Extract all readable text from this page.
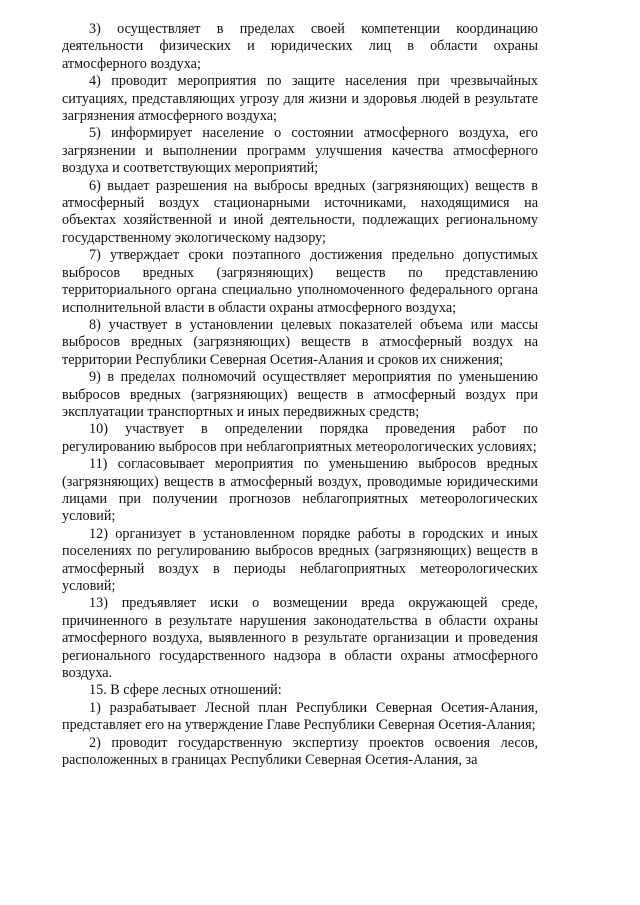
3) осуществляет в пределах своей компетенции координацию деятельности физических и юридических лиц в области охраны атмосферного воздуха;

4) проводит мероприятия по защите населения при чрезвычайных ситуациях, представляющих угрозу для жизни и здоровья людей в результате загрязнения атмосферного воздуха;

5) информирует население о состоянии атмосферного воздуха, его загрязнении и выполнении программ улучшения качества атмосферного воздуха и соответствующих мероприятий;

6) выдает разрешения на выбросы вредных (загрязняющих) веществ в атмосферный воздух стационарными источниками, находящимися на объектах хозяйственной и иной деятельности, подлежащих региональному государственному экологическому надзору;

7) утверждает сроки поэтапного достижения предельно допустимых выбросов вредных (загрязняющих) веществ по представлению территориального органа специально уполномоченного федерального органа исполнительной власти в области охраны атмосферного воздуха;

8) участвует в установлении целевых показателей объема или массы выбросов вредных (загрязняющих) веществ в атмосферный воздух на территории Республики Северная Осетия-Алания и сроков их снижения;

9) в пределах полномочий осуществляет мероприятия по уменьшению выбросов вредных (загрязняющих) веществ в атмосферный воздух при эксплуатации транспортных и иных передвижных средств;

10) участвует в определении порядка проведения работ по регулированию выбросов при неблагоприятных метеорологических условиях;

11) согласовывает мероприятия по уменьшению выбросов вредных (загрязняющих) веществ в атмосферный воздух, проводимые юридическими лицами при получении прогнозов неблагоприятных метеорологических условий;

12) организует в установленном порядке работы в городских и иных поселениях по регулированию выбросов вредных (загрязняющих) веществ в атмосферный воздух в периоды неблагоприятных метеорологических условий;

13) предъявляет иски о возмещении вреда окружающей среде, причиненного в результате нарушения законодательства в области охраны атмосферного воздуха, выявленного в результате организации и проведения регионального государственного надзора в области охраны атмосферного воздуха.

15. В сфере лесных отношений:

1) разрабатывает Лесной план Республики Северная Осетия-Алания, представляет его на утверждение Главе Республики Северная Осетия-Алания;

2) проводит государственную экспертизу проектов освоения лесов, расположенных в границах Республики Северная Осетия-Алания, за
